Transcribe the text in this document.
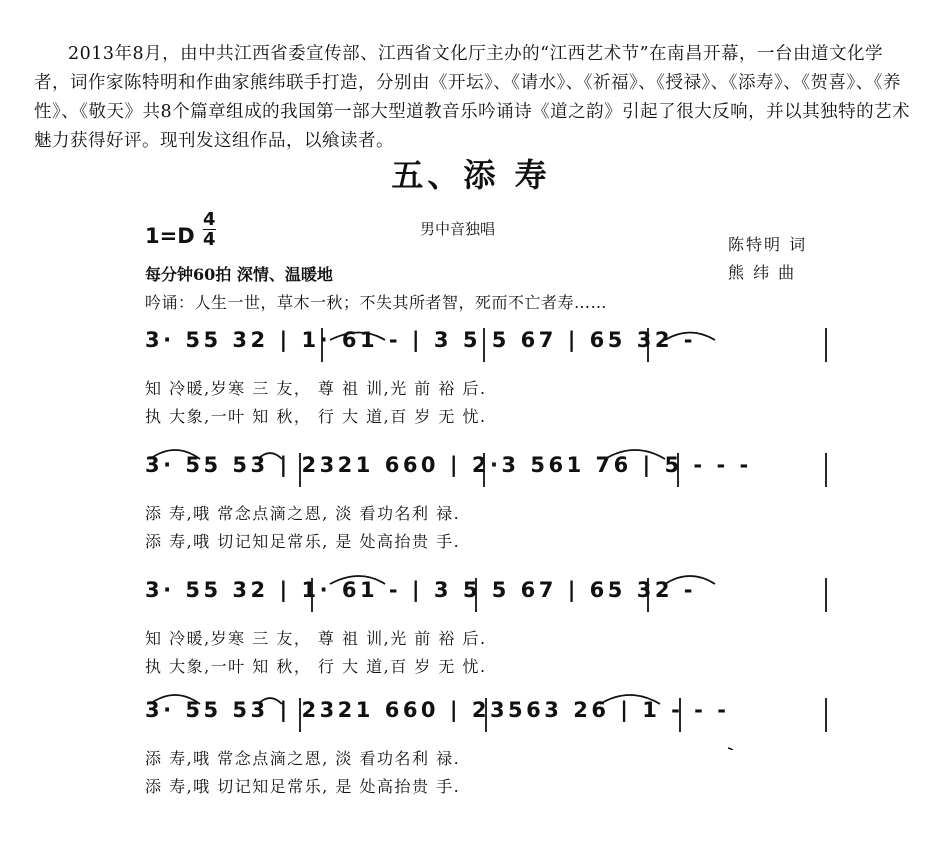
2013年8月，由中共江西省委宣传部、江西省文化厅主办的“江西艺术节”在南昌开幕，一台由道文化学者，词作家陈特明和作曲家熊纬联手打造，分别由《开坛》、《请水》、《祈福》、《授禄》、《添寿》、《贺喜》、《养性》、《敬天》共8个篇章组成的我国第一部大型道教音乐吟诵诗《道之韵》引起了很大反响，并以其独特的艺术魅力获得好评。现刊发这组作品，以飨读者。

五、添 寿
1=D
4
4	男中音独唱
陈特明 词
熊 纬 曲
每分钟60拍 深情、温暖地
吟诵：人生一世，草木一秋；不失其所者智，死而不亡者寿……
3· 55 32 | 1· 61 - | 3 5 5 67 | 65 32 -
知 冷暖,岁寒 三 友， 尊 祖 训,光 前 裕 后.
执 大象,一叶 知 秋， 行 大 道,百 岁 无 忧.
3· 55 53 | 2321 660 | 2·3 561 76 | 5 - - -
添 寿,哦 常念点滴之恩, 淡 看功名利 禄.
添 寿,哦 切记知足常乐, 是 处高抬贵 手.
3· 55 32 | 1· 61 - | 3 5 5 67 | 65 32 -
知 冷暖,岁寒 三 友， 尊 祖 训,光 前 裕 后.
执 大象,一叶 知 秋， 行 大 道,百 岁 无 忧.
3· 55 53 | 2321 660 | 23563 26 | 1 - - -
添 寿,哦 常念点滴之恩, 淡 看功名利 禄.
添 寿,哦 切记知足常乐, 是 处高抬贵 手.
